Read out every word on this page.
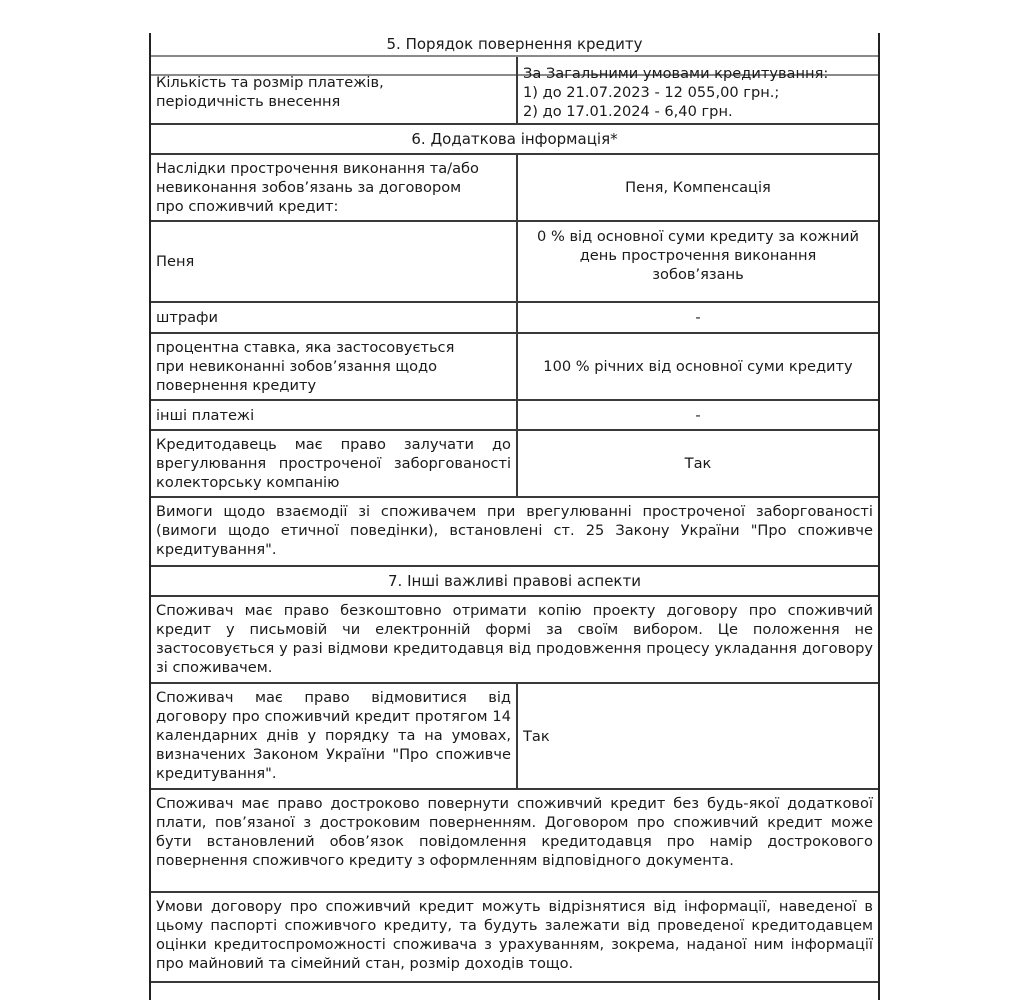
5. Порядок повернення кредиту
Кількість та розмір платежів,
періодичність внесення
За Загальними умовами кредитування:
1) до 21.07.2023 - 12 055,00 грн.;
2) до 17.01.2024 - 6,40 грн.
6. Додаткова інформація*
Наслідки прострочення виконання та/або
невиконання зобов’язань за договором
про споживчий кредит:
Пеня, Компенсація
Пеня
0 % від основної суми кредиту за кожний
день прострочення виконання
зобов’язань
штрафи	-
процентна ставка, яка застосовується
при невиконанні зобов’язання щодо
повернення кредиту
100 % річних від основної суми кредиту
інші платежі	-
Кредитодавець має право залучати до врегулювання простроченої заборгованості колекторську компанію
Так
Вимоги щодо взаємодії зі споживачем при врегулюванні простроченої заборгованості (вимоги щодо етичної поведінки), встановлені ст. 25 Закону України "Про споживче кредитування".
7. Інші важливі правові аспекти
Споживач має право безкоштовно отримати копію проекту договору про споживчий кредит у письмовій чи електронній формі за своїм вибором. Це положення не застосовується у разі відмови кредитодавця від продовження процесу укладання договору зі споживачем.
Споживач має право відмовитися від договору про споживчий кредит протягом 14 календарних днів у порядку та на умовах, визначених Законом України "Про споживче кредитування".
Так
Споживач має право достроково повернути споживчий кредит без будь-якої додаткової плати, пов’язаної з достроковим поверненням. Договором про споживчий кредит може бути встановлений обов’язок повідомлення кредитодавця про намір дострокового повернення споживчого кредиту з оформленням відповідного документа.
Умови договору про споживчий кредит можуть відрізнятися від інформації, наведеної в цьому паспорті споживчого кредиту, та будуть залежати від проведеної кредитодавцем оцінки кредитоспроможності споживача з урахуванням, зокрема, наданої ним інформації про майновий та сімейний стан, розмір доходів тощо.
